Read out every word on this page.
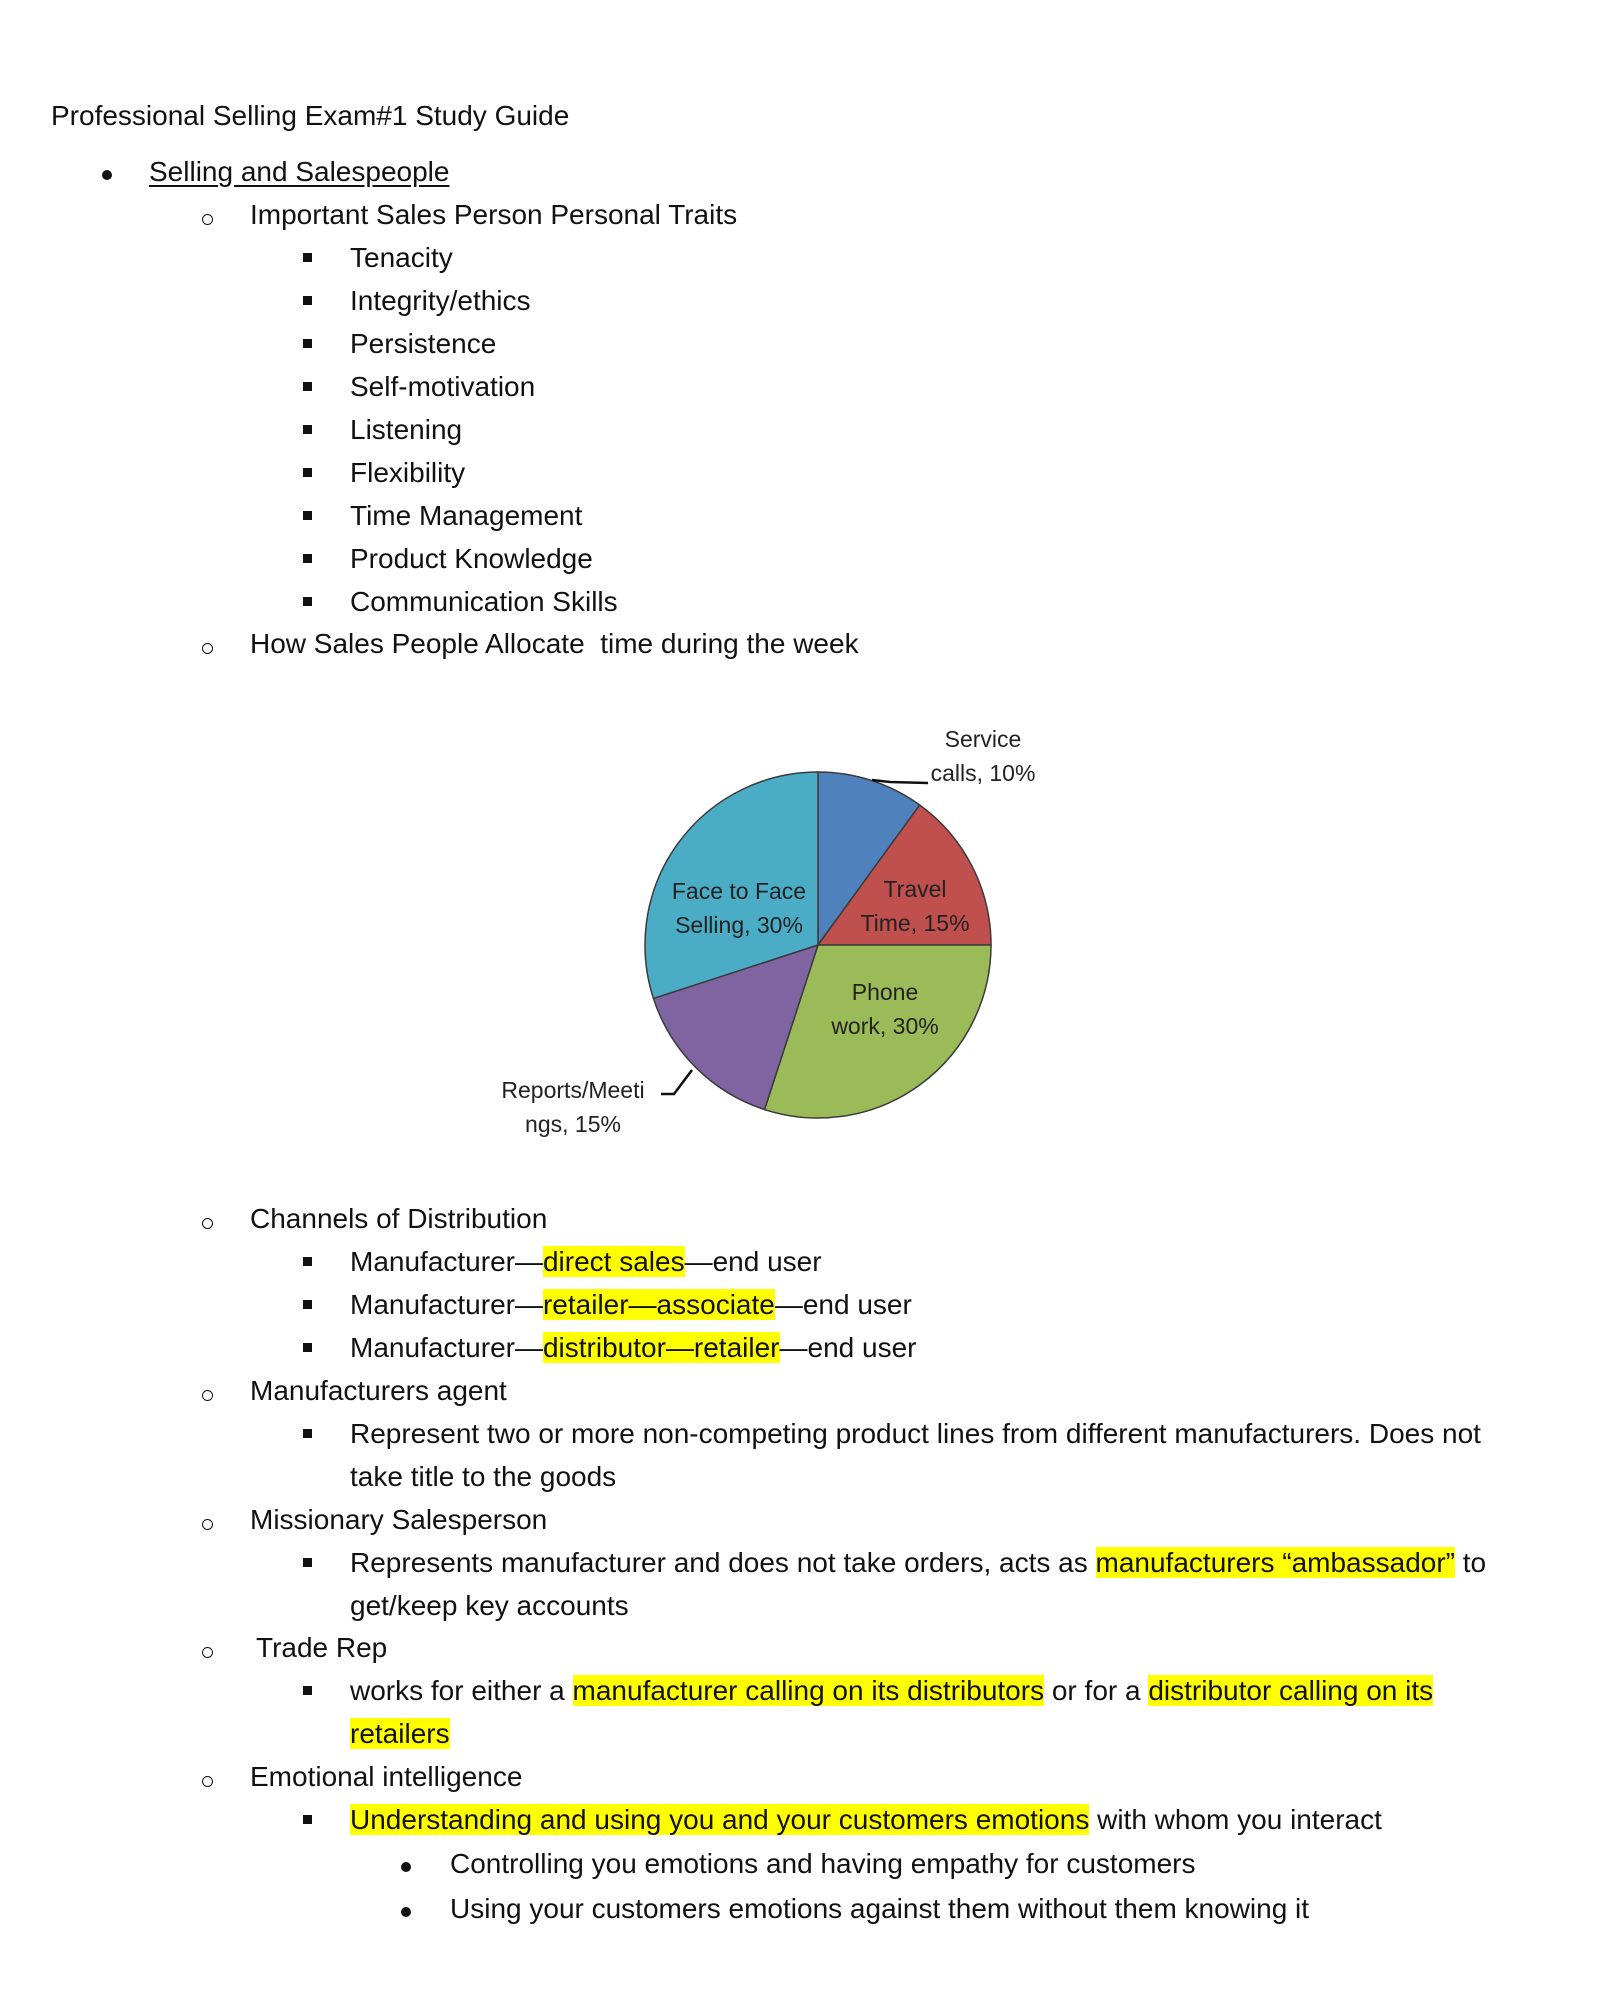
Professional Selling Exam#1 Study Guide
Selling and Salespeople
Important Sales Person Personal Traits
Tenacity
Integrity/ethics
Persistence
Self-motivation
Listening
Flexibility
Time Management
Product Knowledge
Communication Skills
How Sales People Allocate  time during the week
Service
calls, 10%
Travel
Time, 15%
Phone
work, 30%
Reports/Meeti
ngs, 15%
Face to Face
Selling, 30%
Channels of Distribution
Manufacturer—direct sales—end user
Manufacturer—retailer—associate—end user
Manufacturer—distributor—retailer—end user
Manufacturers agent
Represent two or more non-competing product lines from different manufacturers. Does not
take title to the goods
Missionary Salesperson
Represents manufacturer and does not take orders, acts as manufacturers “ambassador” to
get/keep key accounts
Trade Rep
works for either a manufacturer calling on its distributors or for a distributor calling on its
retailers
Emotional intelligence
Understanding and using you and your customers emotions with whom you interact
Controlling you emotions and having empathy for customers
Using your customers emotions against them without them knowing it
